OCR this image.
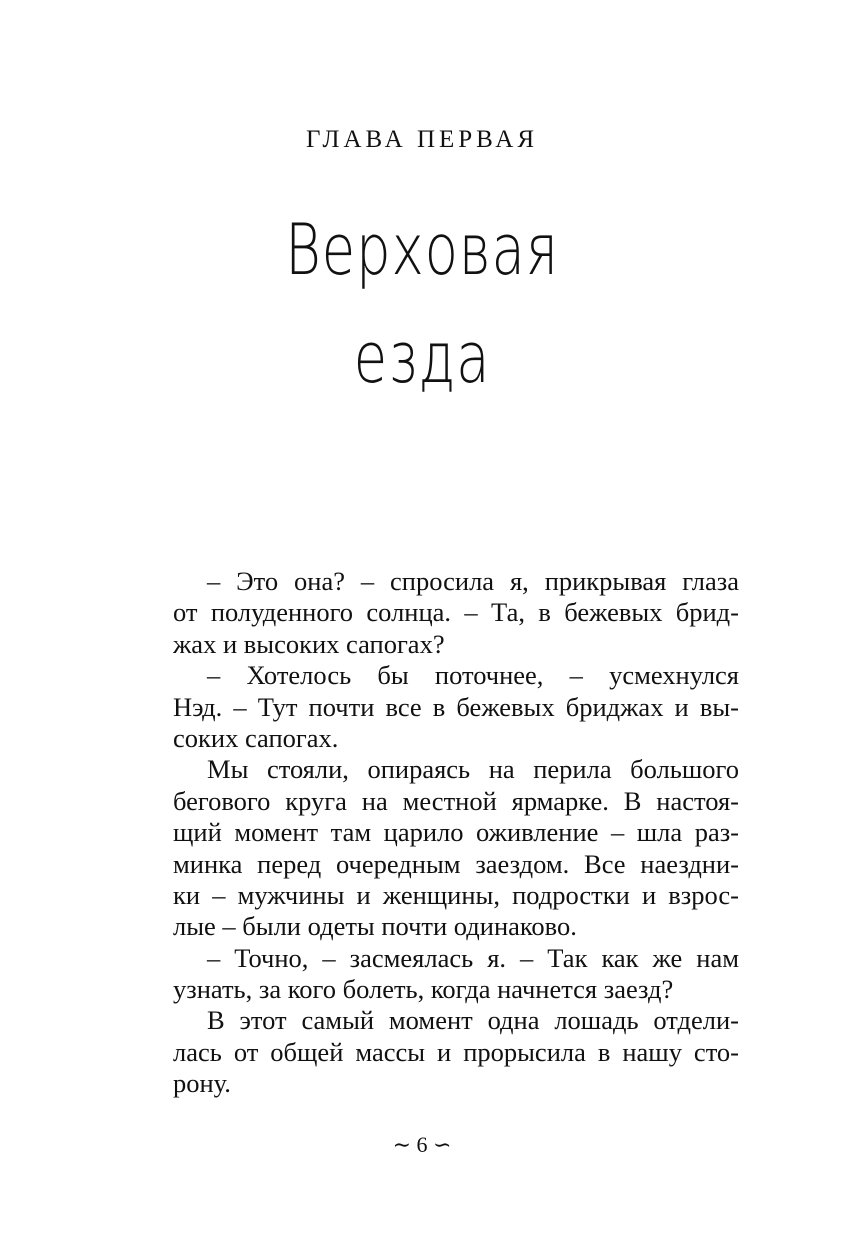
ГЛАВА ПЕРВАЯ
Верховая
езда
– Это она? – спросила я, прикрывая глаза
от полуденного солнца. – Та, в бежевых брид-
жах и высоких сапогах?
– Хотелось бы поточнее, – усмехнулся
Нэд. – Тут почти все в бежевых бриджах и вы-
соких сапогах.
Мы стояли, опираясь на перила большого
бегового круга на местной ярмарке. В настоя-
щий момент там царило оживление – шла раз-
минка перед очередным заездом. Все наездни-
ки – мужчины и женщины, подростки и взрос-
лые – были одеты почти одинаково.
– Точно, – засмеялась я. – Так как же нам
узнать, за кого болеть, когда начнется заезд?
В этот самый момент одна лошадь отдели-
лась от общей массы и прорысила в нашу сто-
рону.
∼ 6 ∽
